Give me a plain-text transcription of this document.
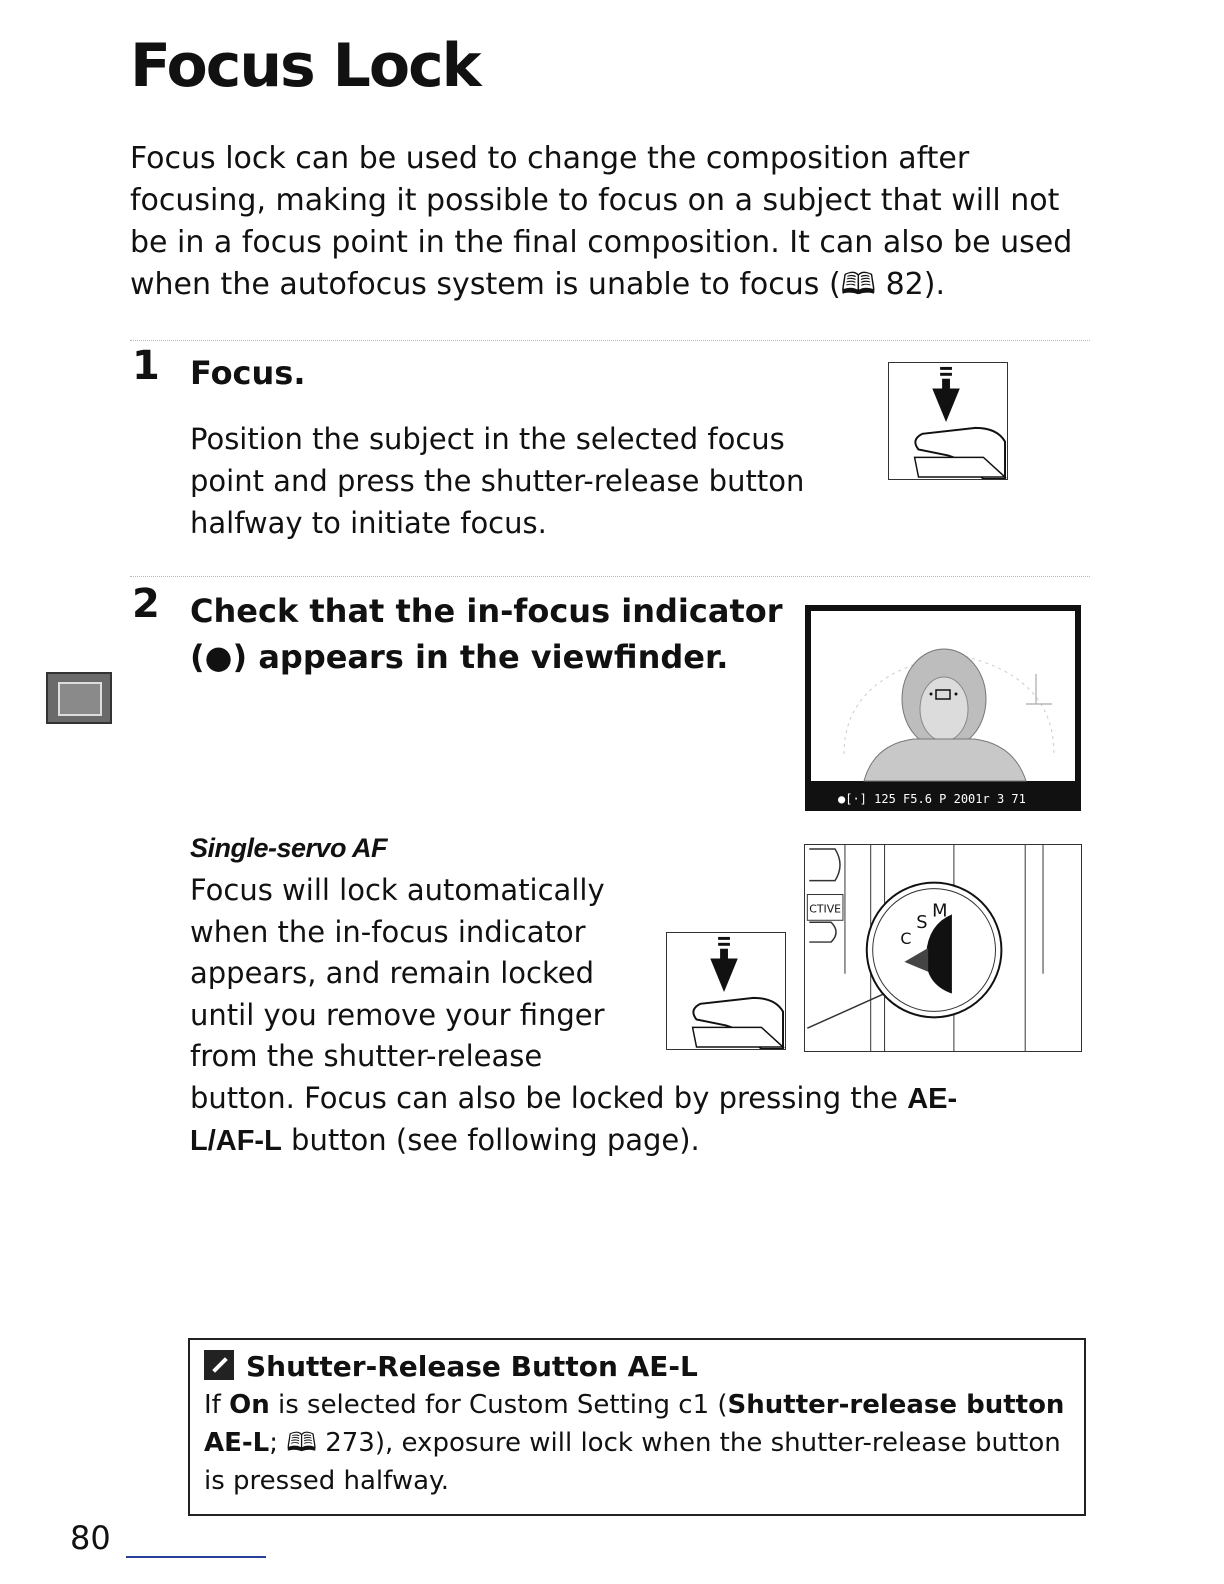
Focus Lock

Focus lock can be used to change the composition after focusing, making it possible to focus on a subject that will not be in a focus point in the final composition. It can also be used when the autofocus system is unable to focus (🕮 82).

1 Focus.

Position the subject in the selected focus point and press the shutter-release button halfway to initiate focus.

2 Check that the in-focus indicator
(●) appears in the viewfinder.
●[·] 125 F5.6 P 2001r 3 71
Single-servo AF

Focus will lock automatically when the in-focus indicator appears, and remain locked until you remove your finger from the shutter-release

button. Focus can also be locked by pressing the AE-L/AF-L button (see following page).

CTIVE
S
M
C
Shutter-Release Button AE-L

If On is selected for Custom Setting c1 (Shutter-release button AE-L; 🕮 273), exposure will lock when the shutter-release button is pressed halfway.

80
